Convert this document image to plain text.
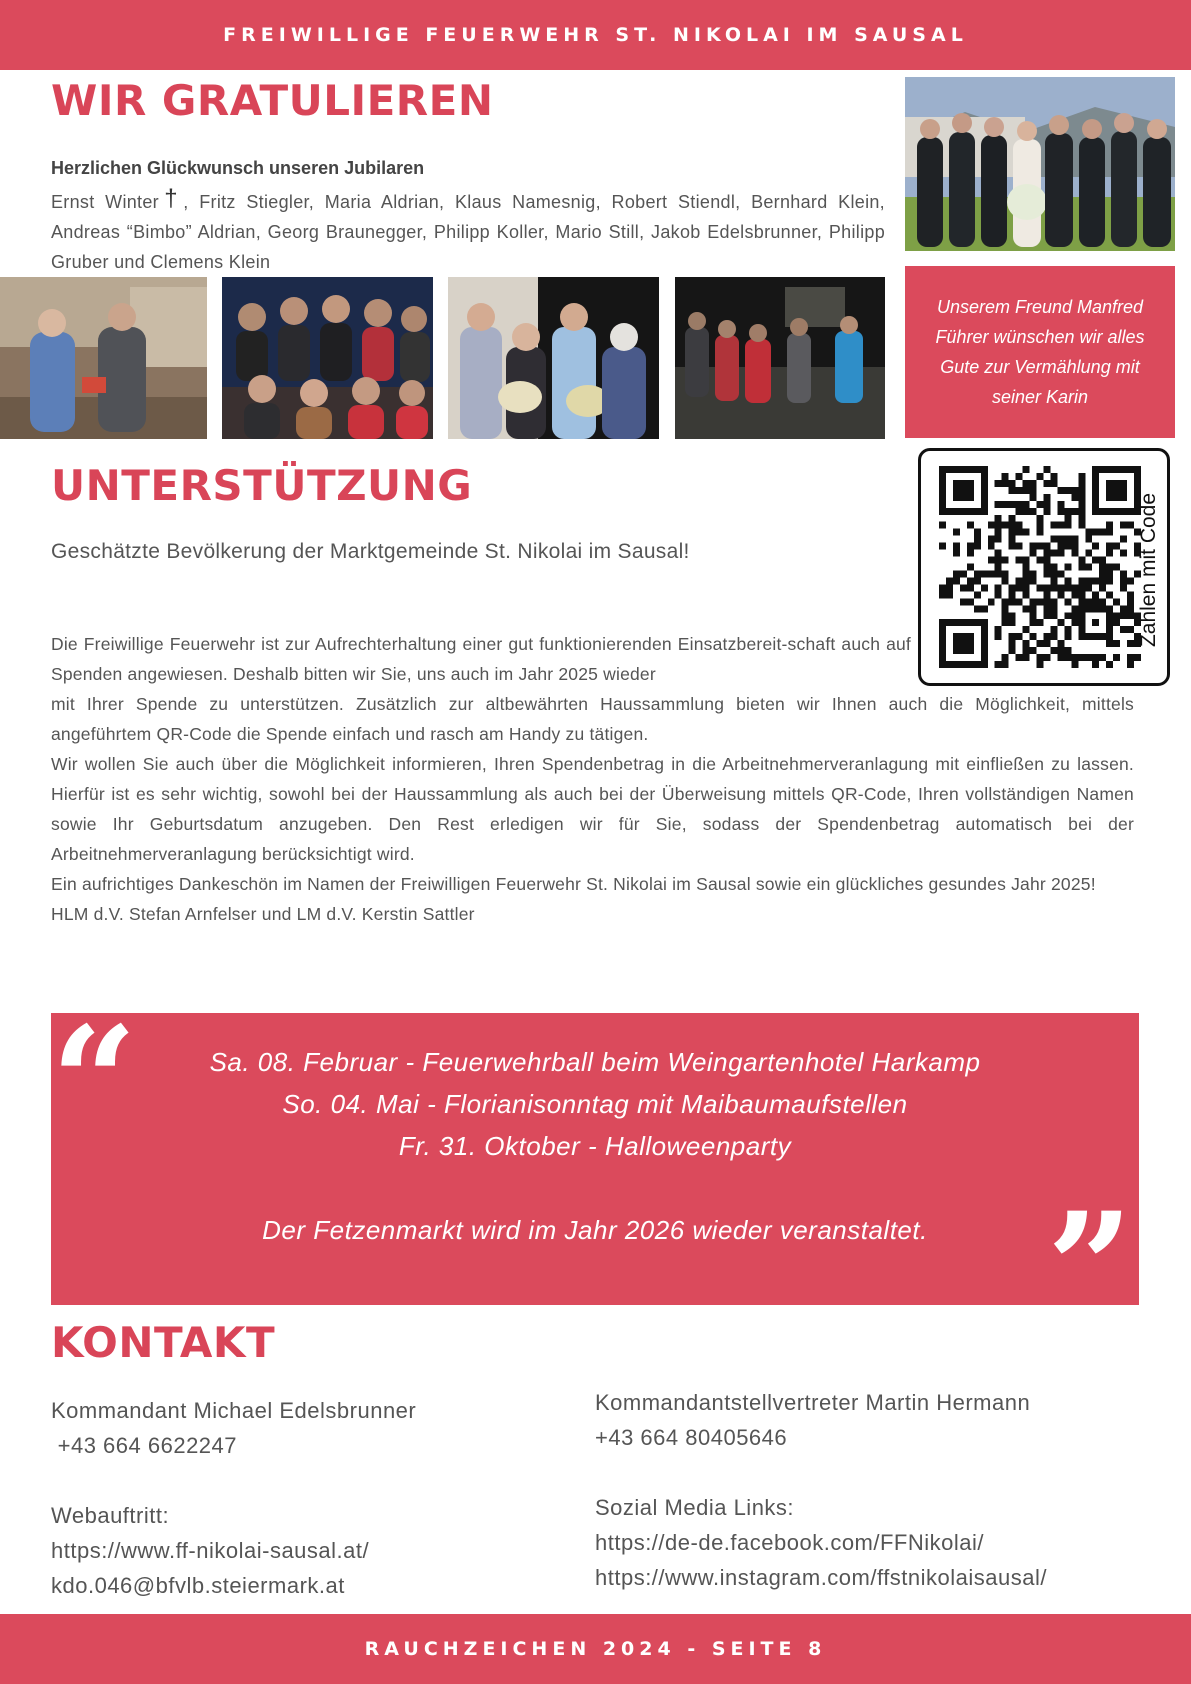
FREIWILLIGE FEUERWEHR ST. NIKOLAI IM SAUSAL
WIR GRATULIEREN
Herzlichen Glückwunsch unseren Jubilaren

Ernst Winter†, Fritz Stiegler, Maria Aldrian, Klaus Namesnig, Robert Stiendl, Bernhard Klein, Andreas “Bimbo” Aldrian, Georg Braunegger, Philipp Koller, Mario Still, Jakob Edelsbrunner, Philipp Gruber und Clemens Klein

Unserem Freund Manfred Führer wünschen wir alles Gute zur Vermählung mit seiner Karin
UNTERSTÜTZUNG
Zahlen mit Code
Geschätzte Bevölkerung der Marktgemeinde St. Nikolai im Sausal!

Die Freiwillige Feuerwehr ist zur Aufrechterhaltung einer gut funktionierenden Einsatzbereit-schaft auch auf Spenden angewiesen. Deshalb bitten wir Sie, uns auch im Jahr 2025 wieder

mit Ihrer Spende zu unterstützen. Zusätzlich zur altbewährten Haussammlung bieten wir Ihnen auch die Möglichkeit, mittels angeführtem QR-Code die Spende einfach und rasch am Handy zu tätigen.

Wir wollen Sie auch über die Möglichkeit informieren, Ihren Spendenbetrag in die Arbeitnehmerveranlagung mit einfließen zu lassen. Hierfür ist es sehr wichtig, sowohl bei der Haussammlung als auch bei der Überweisung mittels QR-Code, Ihren vollständigen Namen sowie Ihr Geburtsdatum anzugeben. Den Rest erledigen wir für Sie, sodass der Spendenbetrag automatisch bei der Arbeitnehmerveranlagung berücksichtigt wird.

Ein aufrichtiges Dankeschön im Namen der Freiwilligen Feuerwehr St. Nikolai im Sausal sowie ein glückliches gesundes Jahr 2025!

HLM d.V. Stefan Arnfelser und LM d.V. Kerstin Sattler

“	Sa. 08. Februar - Feuerwehrball beim Weingartenhotel Harkamp
So. 04. Mai - Florianisonntag mit Maibaumaufstellen
Fr. 31. Oktober - Halloweenparty
Der Fetzenmarkt wird im Jahr 2026 wieder veranstaltet. ”
KONTAKT
Kommandant Michael Edelsbrunner
+43 664 6622247
Webauftritt:
https://www.ff-nikolai-sausal.at/
kdo.046@bfvlb.steiermark.at
Kommandantstellvertreter Martin Hermann
+43 664 80405646
Sozial Media Links:
https://de-de.facebook.com/FFNikolai/
https://www.instagram.com/ffstnikolaisausal/
RAUCHZEICHEN 2024 - SEITE 8
